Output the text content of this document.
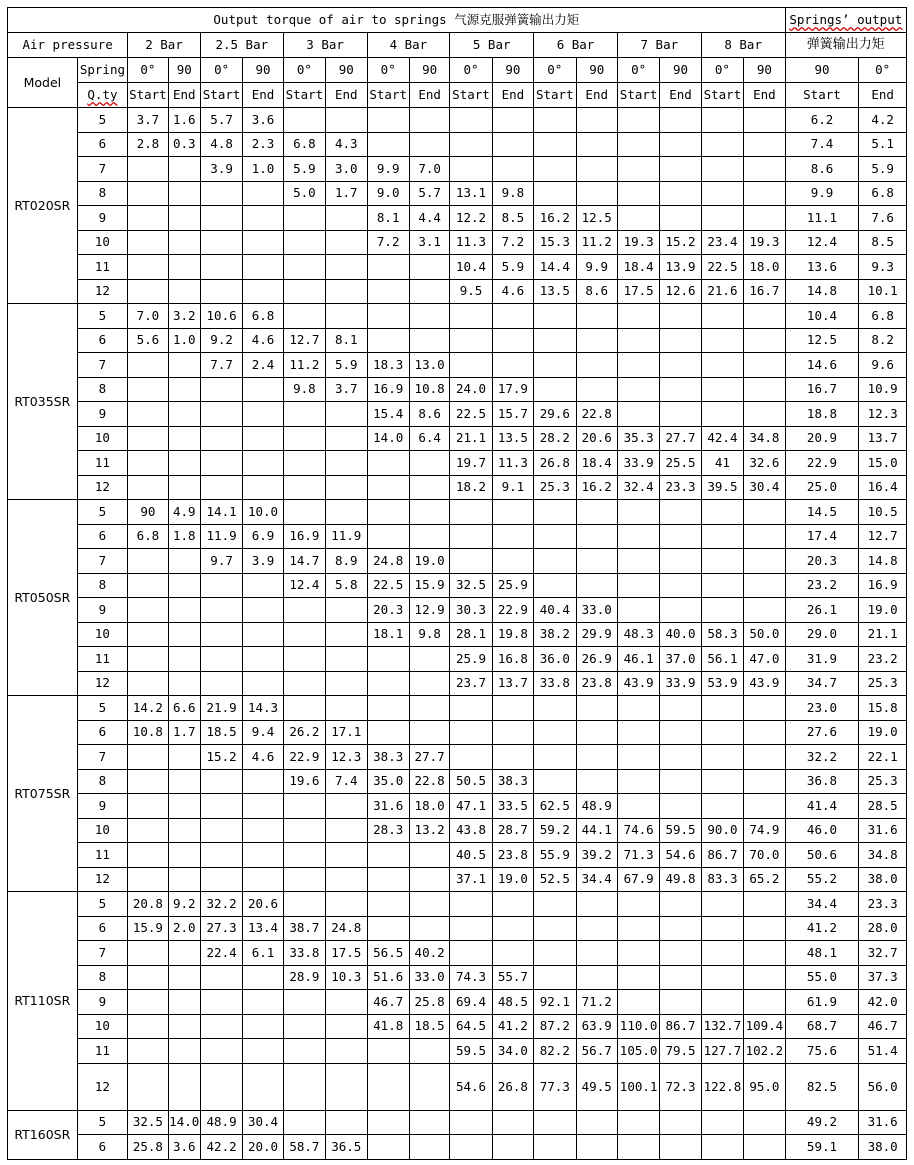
Output torque of air to springs 气源克服弹簧输出力矩																		Springs’ output	
Air pressure		2 Bar		2.5 Bar		3 Bar		4 Bar		5 Bar		6 Bar		7 Bar		8 Bar		弹簧输出力矩	
Model	Spring	0°	90	0°	90	0°	90	0°	90	0°	90	0°	90	0°	90	0°	90	90	0°
	Q.ty	Start	End	Start	End	Start	End	Start	End	Start	End	Start	End	Start	End	Start	End	Start	End
RT020SR	5	3.7	1.6	5.7	3.6													6.2	4.2
	6	2.8	0.3	4.8	2.3	6.8	4.3											7.4	5.1
	7			3.9	1.0	5.9	3.0	9.9	7.0									8.6	5.9
	8					5.0	1.7	9.0	5.7	13.1	9.8							9.9	6.8
	9							8.1	4.4	12.2	8.5	16.2	12.5					11.1	7.6
	10							7.2	3.1	11.3	7.2	15.3	11.2	19.3	15.2	23.4	19.3	12.4	8.5
	11									10.4	5.9	14.4	9.9	18.4	13.9	22.5	18.0	13.6	9.3
	12									9.5	4.6	13.5	8.6	17.5	12.6	21.6	16.7	14.8	10.1
RT035SR	5	7.0	3.2	10.6	6.8													10.4	6.8
	6	5.6	1.0	9.2	4.6	12.7	8.1											12.5	8.2
	7			7.7	2.4	11.2	5.9	18.3	13.0									14.6	9.6
	8					9.8	3.7	16.9	10.8	24.0	17.9							16.7	10.9
	9							15.4	8.6	22.5	15.7	29.6	22.8					18.8	12.3
	10							14.0	6.4	21.1	13.5	28.2	20.6	35.3	27.7	42.4	34.8	20.9	13.7
	11									19.7	11.3	26.8	18.4	33.9	25.5	41	32.6	22.9	15.0
	12									18.2	9.1	25.3	16.2	32.4	23.3	39.5	30.4	25.0	16.4
RT050SR	5	90	4.9	14.1	10.0													14.5	10.5
	6	6.8	1.8	11.9	6.9	16.9	11.9											17.4	12.7
	7			9.7	3.9	14.7	8.9	24.8	19.0									20.3	14.8
	8					12.4	5.8	22.5	15.9	32.5	25.9							23.2	16.9
	9							20.3	12.9	30.3	22.9	40.4	33.0					26.1	19.0
	10							18.1	9.8	28.1	19.8	38.2	29.9	48.3	40.0	58.3	50.0	29.0	21.1
	11									25.9	16.8	36.0	26.9	46.1	37.0	56.1	47.0	31.9	23.2
	12									23.7	13.7	33.8	23.8	43.9	33.9	53.9	43.9	34.7	25.3
RT075SR	5	14.2	6.6	21.9	14.3													23.0	15.8
	6	10.8	1.7	18.5	9.4	26.2	17.1											27.6	19.0
	7			15.2	4.6	22.9	12.3	38.3	27.7									32.2	22.1
	8					19.6	7.4	35.0	22.8	50.5	38.3							36.8	25.3
	9							31.6	18.0	47.1	33.5	62.5	48.9					41.4	28.5
	10							28.3	13.2	43.8	28.7	59.2	44.1	74.6	59.5	90.0	74.9	46.0	31.6
	11									40.5	23.8	55.9	39.2	71.3	54.6	86.7	70.0	50.6	34.8
	12									37.1	19.0	52.5	34.4	67.9	49.8	83.3	65.2	55.2	38.0
RT110SR	5	20.8	9.2	32.2	20.6													34.4	23.3
	6	15.9	2.0	27.3	13.4	38.7	24.8											41.2	28.0
	7			22.4	6.1	33.8	17.5	56.5	40.2									48.1	32.7
	8					28.9	10.3	51.6	33.0	74.3	55.7							55.0	37.3
	9							46.7	25.8	69.4	48.5	92.1	71.2					61.9	42.0
	10							41.8	18.5	64.5	41.2	87.2	63.9	110.0	86.7	132.7	109.4	68.7	46.7
	11									59.5	34.0	82.2	56.7	105.0	79.5	127.7	102.2	75.6	51.4
	12									54.6	26.8	77.3	49.5	100.1	72.3	122.8	95.0	82.5	56.0
RT160SR	5	32.5	14.0	48.9	30.4													49.2	31.6
	6	25.8	3.6	42.2	20.0	58.7	36.5											59.1	38.0
